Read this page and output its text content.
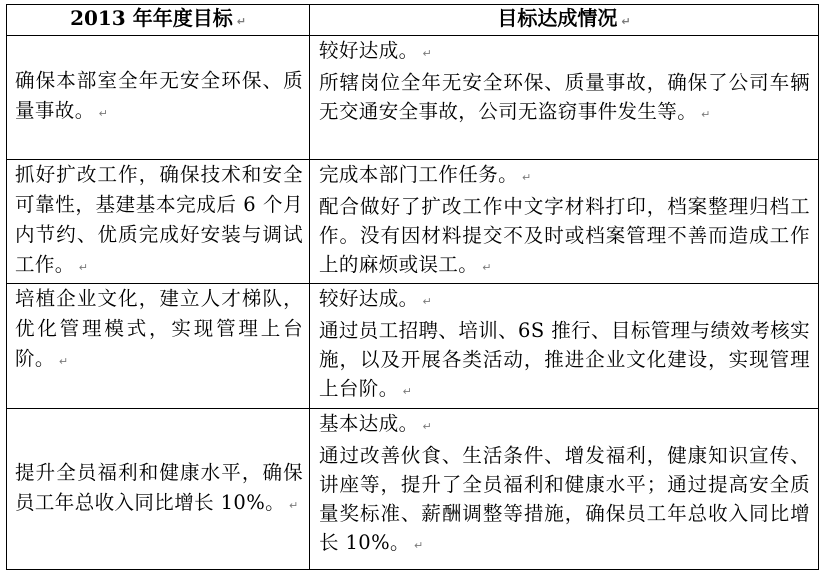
2013 年年度目标 ↵	目标达成情况 ↵

确保本部室全年无安全环保、质量事故。 ↵	较好达成。 ↵
所辖岗位全年无安全环保、质量事故，确保了公司车辆无交通安全事故，公司无盗窃事件发生等。 ↵

抓好扩改工作，确保技术和安全可靠性，基建基本完成后 6 个月内节约、优质完成好安装与调试工作。 ↵	完成本部门工作任务。 ↵
配合做好了扩改工作中文字材料打印，档案整理归档工作。没有因材料提交不及时或档案管理不善而造成工作上的麻烦或误工。 ↵

培植企业文化，建立人才梯队，优化管理模式，实现管理上台阶。 ↵	较好达成。 ↵
通过员工招聘、培训、6S 推行、目标管理与绩效考核实施，以及开展各类活动，推进企业文化建设，实现管理上台阶。 ↵

提升全员福利和健康水平，确保员工年总收入同比增长 10%。 ↵	基本达成。 ↵
通过改善伙食、生活条件、增发福利，健康知识宣传、讲座等，提升了全员福利和健康水平；通过提高安全质量奖标准、薪酬调整等措施，确保员工年总收入同比增长 10%。 ↵
